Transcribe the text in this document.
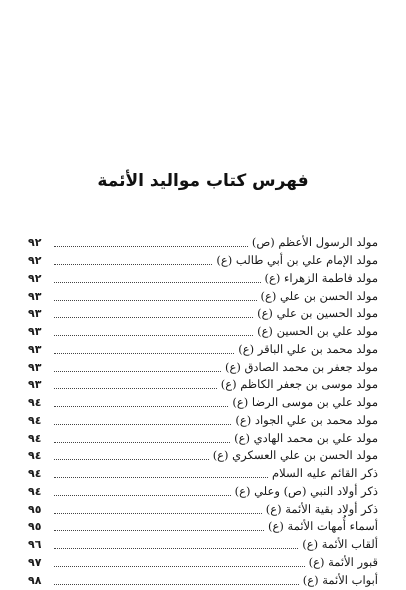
فهرس كتاب مواليد الأئمة
مولد الرسول الأعظم (ص)
٩٢
مولد الإمام علي بن أبي طالب (ع)
٩٢
مولد فاطمة الزهراء (ع)
٩٢
مولد الحسن بن علي (ع)
٩٣
مولد الحسين بن علي (ع)
٩٣
مولد علي بن الحسين (ع)
٩٣
مولد محمد بن علي الباقر (ع)
٩٣
مولد جعفر بن محمد الصادق (ع)
٩٣
مولد موسى بن جعفر الكاظم (ع)
٩٣
مولد علي بن موسى الرضا (ع)
٩٤
مولد محمد بن علي الجواد (ع)
٩٤
مولد علي بن محمد الهادي (ع)
٩٤
مولد الحسن بن علي العسكري (ع)
٩٤
ذكر القائم عليه السلام
٩٤
ذكر أولاد النبي (ص) وعلي (ع)
٩٤
ذكر أولاد بقية الأئمة (ع)
٩٥
أسماء أُمهات الأئمة (ع)
٩٥
ألقاب الأئمة (ع)
٩٦
قبور الأئمة (ع)
٩٧
أبواب الأئمة (ع)
٩٨
